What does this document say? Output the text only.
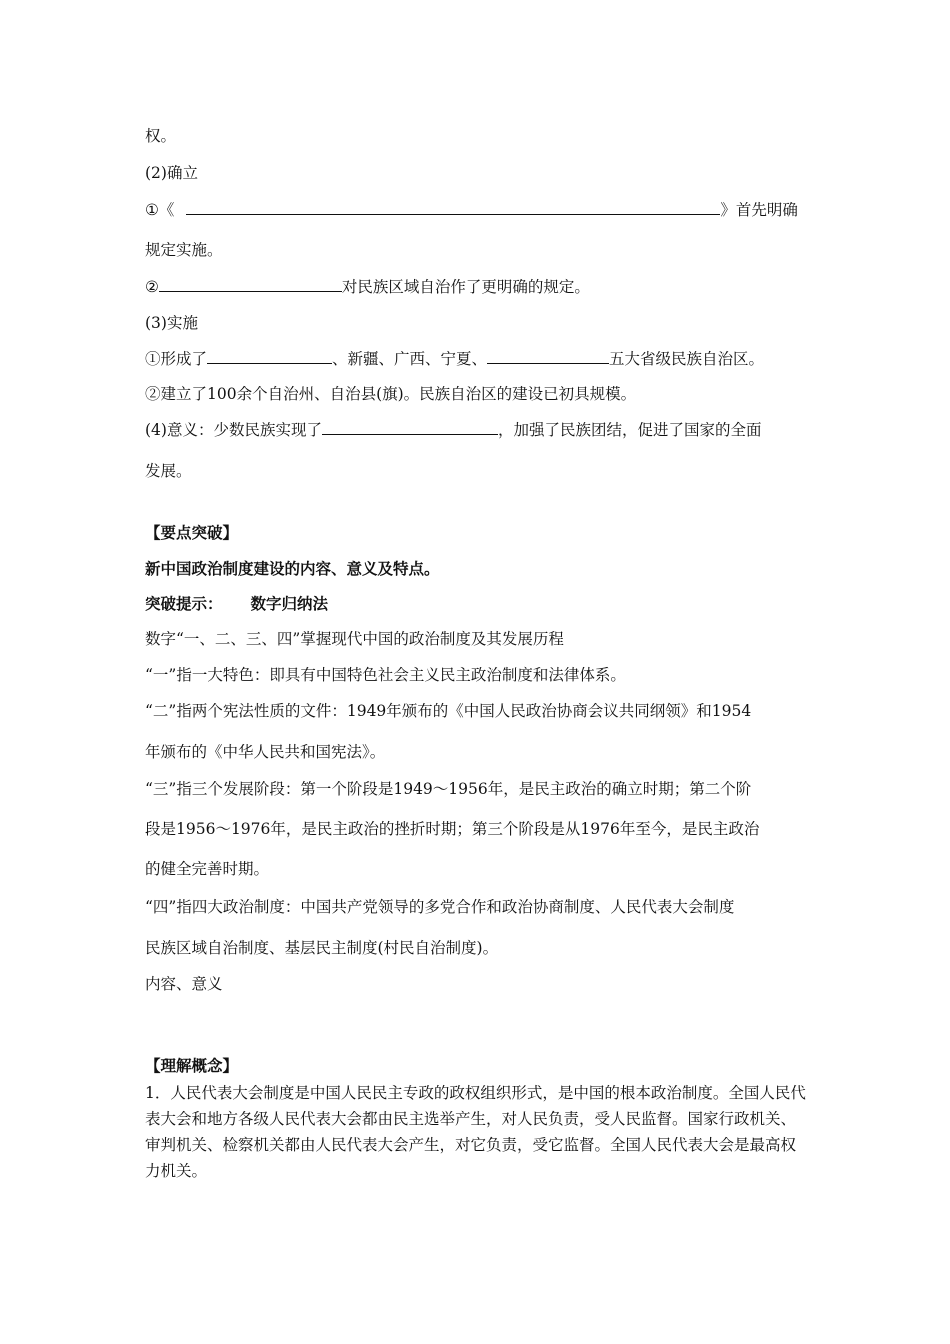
权。
(2)确立
①《	》首先明确
规定实施。
②	对民族区域自治作了更明确的规定。
(3)实施
①形成了	、新疆、广西、宁夏、	五大省级民族自治区。
②建立了100余个自治州、自治县(旗)。民族自治区的建设已初具规模。
(4)意义：少数民族实现了	，加强了民族团结，促进了国家的全面
发展。
【要点突破】
新中国政治制度建设的内容、意义及特点。
突破提示： 数字归纳法
数字“一、二、三、四”掌握现代中国的政治制度及其发展历程
“一”指一大特色：即具有中国特色社会主义民主政治制度和法律体系。
“二”指两个宪法性质的文件：1949年颁布的《中国人民政治协商会议共同纲领》和1954
年颁布的《中华人民共和国宪法》。
“三”指三个发展阶段：第一个阶段是1949～1956年，是民主政治的确立时期；第二个阶
段是1956～1976年，是民主政治的挫折时期；第三个阶段是从1976年至今，是民主政治
的健全完善时期。
“四”指四大政治制度：中国共产党领导的多党合作和政治协商制度、人民代表大会制度
民族区域自治制度、基层民主制度(村民自治制度)。
内容、意义
【理解概念】
1．人民代表大会制度是中国人民民主专政的政权组织形式，是中国的根本政治制度。全国人民代表大会和地方各级人民代表大会都由民主选举产生，对人民负责，受人民监督。国家行政机关、审判机关、检察机关都由人民代表大会产生，对它负责，受它监督。全国人民代表大会是最高权力机关。
